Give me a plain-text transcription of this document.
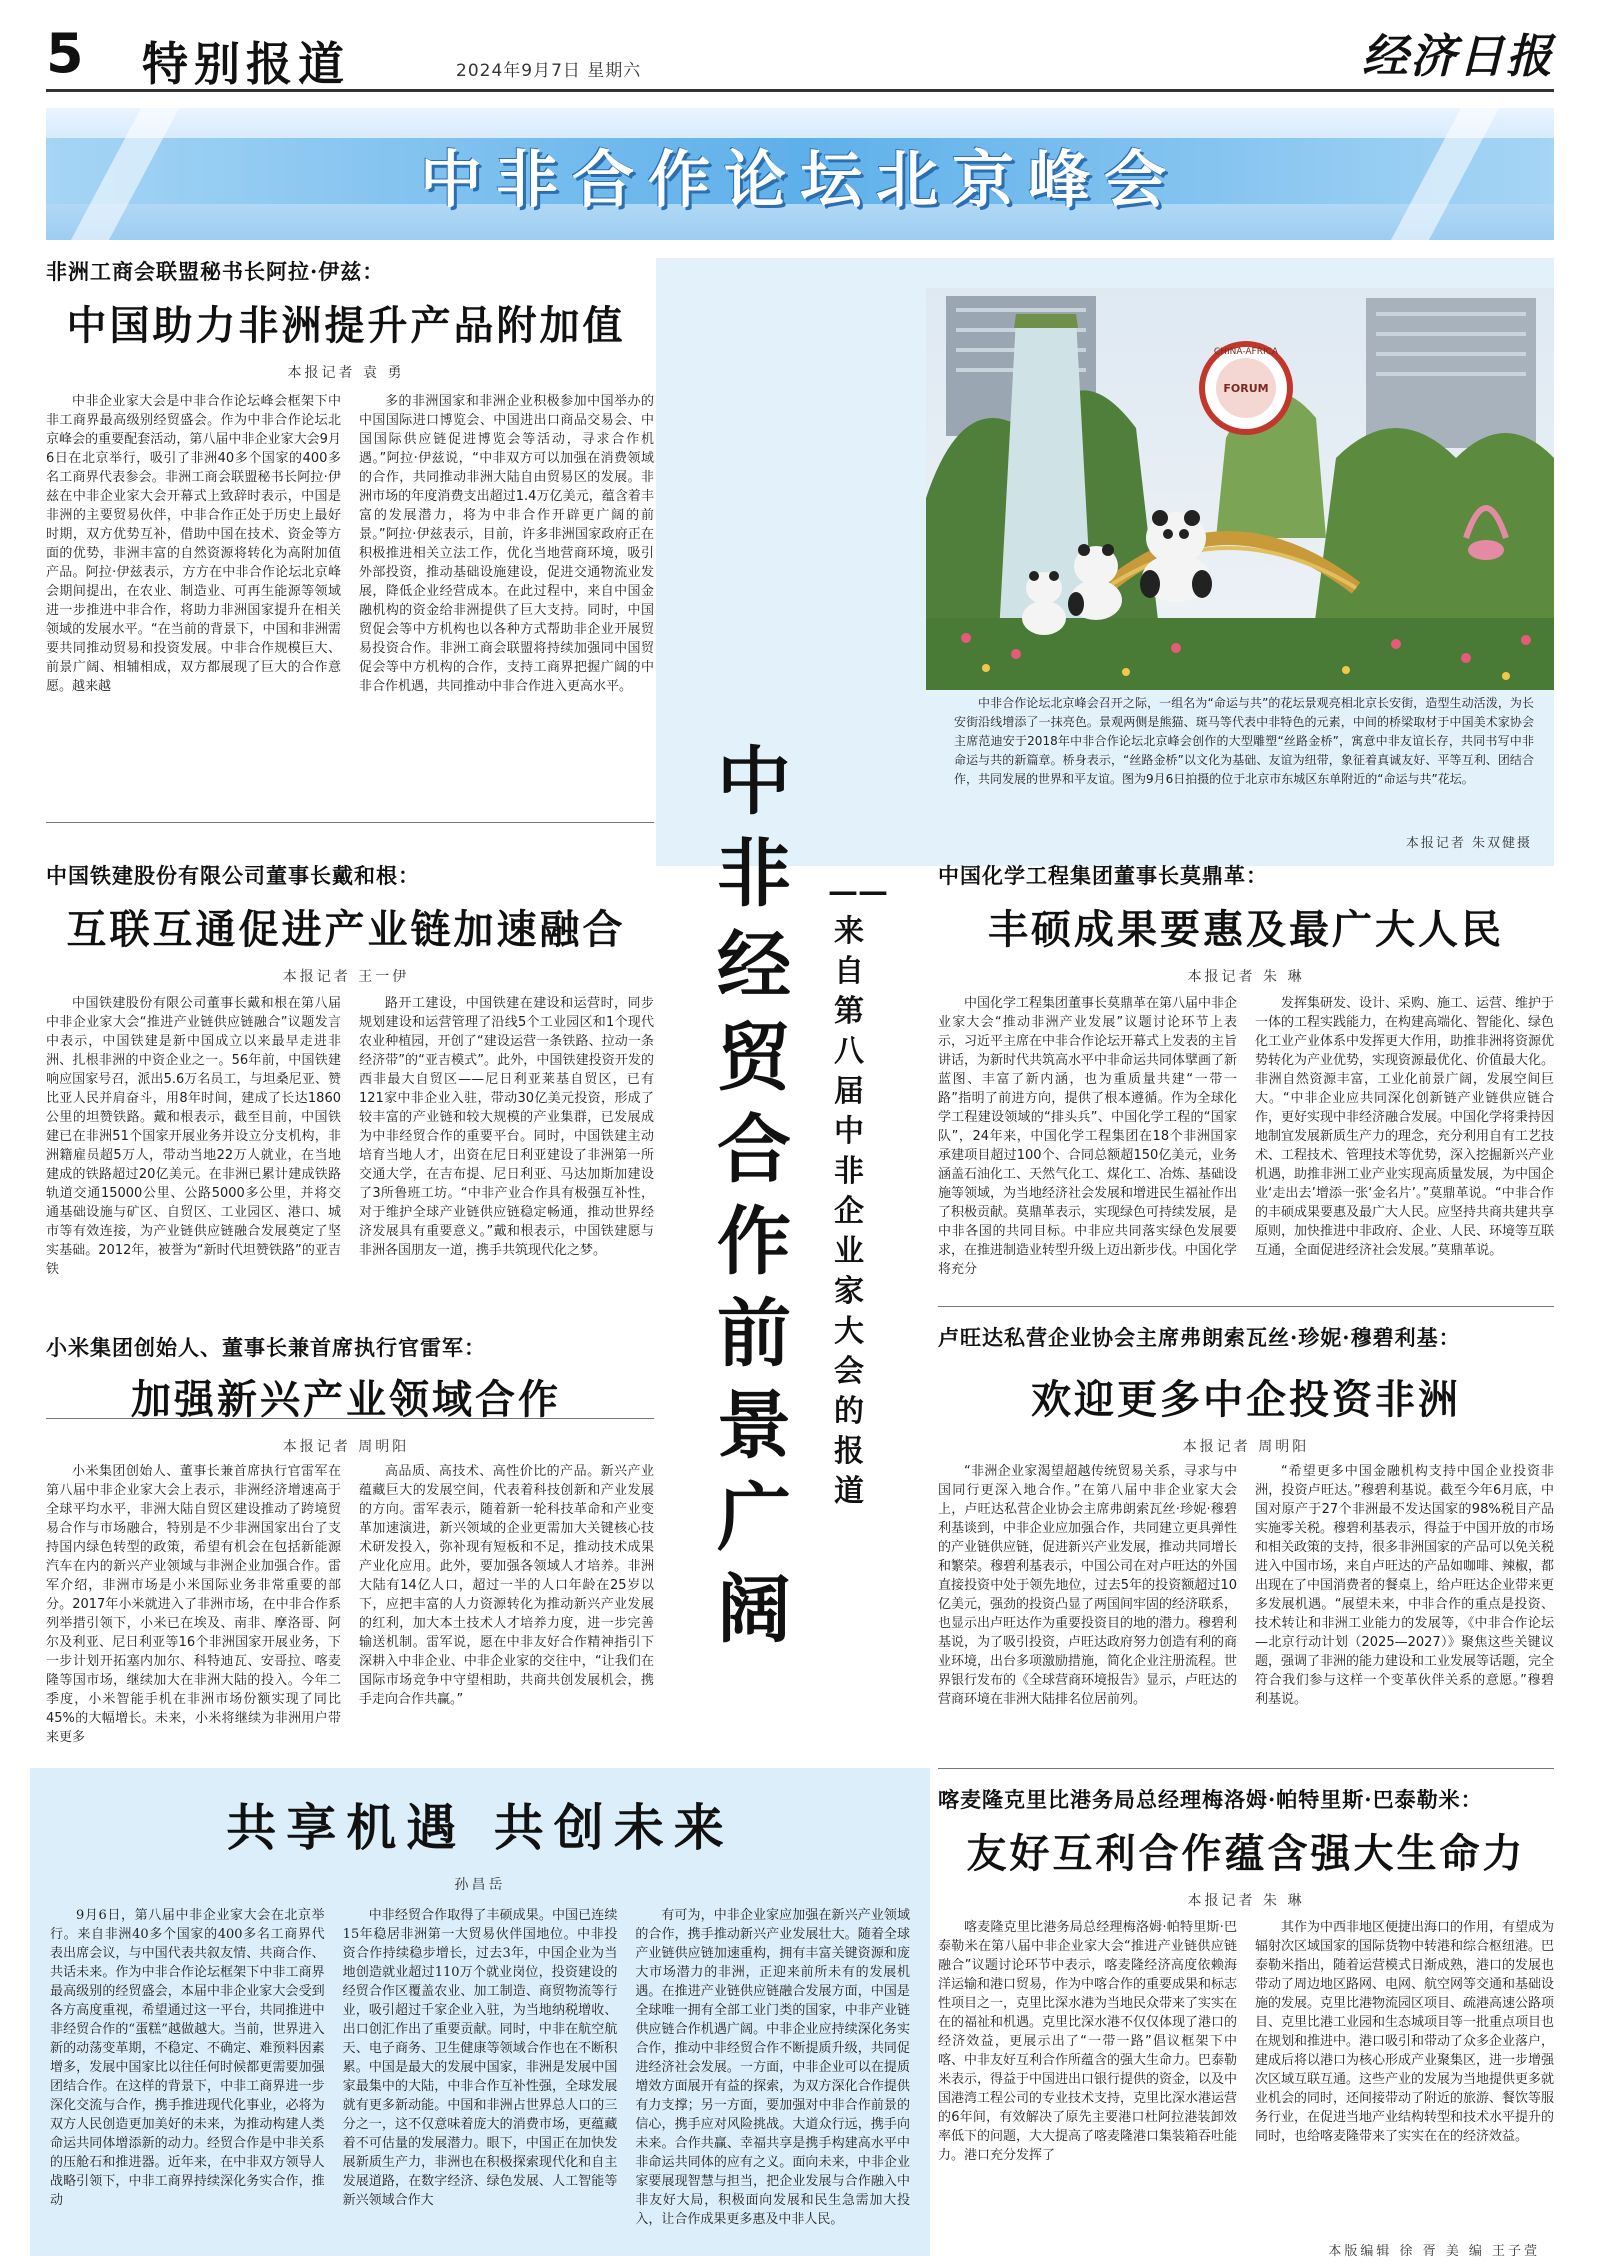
5 特别报道	2024年9月7日 星期六	经济日报
中非合作论坛北京峰会
CHINA-AFRICA
FORUM
中非合作论坛北京峰会召开之际，一组名为“命运与共”的花坛景观亮相北京长安街，造型生动活泼，为长安街沿线增添了一抹亮色。景观两侧是熊猫、斑马等代表中非特色的元素，中间的桥梁取材于中国美术家协会主席范迪安于2018年中非合作论坛北京峰会创作的大型雕塑“丝路金桥”，寓意中非友谊长存，共同书写中非命运与共的新篇章。桥身表示，“丝路金桥”以文化为基础、友谊为纽带，象征着真诚友好、平等互利、团结合作，共同发展的世界和平友谊。图为9月6日拍摄的位于北京市东城区东单附近的“命运与共”花坛。
本报记者 朱双健摄
中非经贸合作前景广阔
——来自第八届中非企业家大会的报道
非洲工商会联盟秘书长阿拉·伊兹：
中国助力非洲提升产品附加值
本报记者 袁 勇

中非企业家大会是中非合作论坛峰会框架下中非工商界最高级别经贸盛会。作为中非合作论坛北京峰会的重要配套活动，第八届中非企业家大会9月6日在北京举行，吸引了非洲40多个国家的400多名工商界代表参会。非洲工商会联盟秘书长阿拉·伊兹在中非企业家大会开幕式上致辞时表示，中国是非洲的主要贸易伙伴，中非合作正处于历史上最好时期，双方优势互补，借助中国在技术、资金等方面的优势，非洲丰富的自然资源将转化为高附加值产品。阿拉·伊兹表示，方方在中非合作论坛北京峰会期间提出，在农业、制造业、可再生能源等领域进一步推进中非合作，将助力非洲国家提升在相关领域的发展水平。“在当前的背景下，中国和非洲需要共同推动贸易和投资发展。中非合作规模巨大、前景广阔、相辅相成，双方都展现了巨大的合作意愿。越来越

多的非洲国家和非洲企业积极参加中国举办的中国国际进口博览会、中国进出口商品交易会、中国国际供应链促进博览会等活动，寻求合作机遇。”阿拉·伊兹说，“中非双方可以加强在消费领域的合作，共同推动非洲大陆自由贸易区的发展。非洲市场的年度消费支出超过1.4万亿美元，蕴含着丰富的发展潜力，将为中非合作开辟更广阔的前景。”阿拉·伊兹表示，目前，许多非洲国家政府正在积极推进相关立法工作，优化当地营商环境，吸引外部投资，推动基础设施建设，促进交通物流业发展，降低企业经营成本。在此过程中，来自中国金融机构的资金给非洲提供了巨大支持。同时，中国贸促会等中方机构也以各种方式帮助非企业开展贸易投资合作。非洲工商会联盟将持续加强同中国贸促会等中方机构的合作，支持工商界把握广阔的中非合作机遇，共同推动中非合作进入更高水平。

中国铁建股份有限公司董事长戴和根：
互联互通促进产业链加速融合
本报记者 王一伊

中国铁建股份有限公司董事长戴和根在第八届中非企业家大会“推进产业链供应链融合”议题发言中表示，中国铁建是新中国成立以来最早走进非洲、扎根非洲的中资企业之一。56年前，中国铁建响应国家号召，派出5.6万名员工，与坦桑尼亚、赞比亚人民并肩奋斗，用8年时间，建成了长达1860公里的坦赞铁路。戴和根表示，截至目前，中国铁建已在非洲51个国家开展业务并设立分支机构，非洲籍雇员超5万人，带动当地22万人就业，在当地建成的铁路超过20亿美元。在非洲已累计建成铁路轨道交通15000公里、公路5000多公里，并将交通基础设施与矿区、自贸区、工业园区、港口、城市等有效连接，为产业链供应链融合发展奠定了坚实基础。2012年，被誉为“新时代坦赞铁路”的亚吉铁

路开工建设，中国铁建在建设和运营时，同步规划建设和运营管理了沿线5个工业园区和1个现代农业种植园，开创了“建设运营一条铁路、拉动一条经济带”的“亚吉模式”。此外，中国铁建投资开发的西非最大自贸区——尼日利亚莱基自贸区，已有121家中非企业入驻，带动30亿美元投资，形成了较丰富的产业链和较大规模的产业集群，已发展成为中非经贸合作的重要平台。同时，中国铁建主动培育当地人才，出资在尼日利亚建设了非洲第一所交通大学，在吉布提、尼日利亚、马达加斯加建设了3所鲁班工坊。“中非产业合作具有极强互补性，对于维护全球产业链供应链稳定畅通，推动世界经济发展具有重要意义。”戴和根表示，中国铁建愿与非洲各国朋友一道，携手共筑现代化之梦。

小米集团创始人、董事长兼首席执行官雷军：
加强新兴产业领域合作
本报记者 周明阳

小米集团创始人、董事长兼首席执行官雷军在第八届中非企业家大会上表示，非洲经济增速高于全球平均水平，非洲大陆自贸区建设推动了跨境贸易合作与市场融合，特别是不少非洲国家出台了支持国内绿色转型的政策，希望有机会在包括新能源汽车在内的新兴产业领域与非洲企业加强合作。雷军介绍，非洲市场是小米国际业务非常重要的部分。2017年小米就进入了非洲市场，在中非合作系列举措引领下，小米已在埃及、南非、摩洛哥、阿尔及利亚、尼日利亚等16个非洲国家开展业务，下一步计划开拓塞内加尔、科特迪瓦、安哥拉、喀麦隆等国市场，继续加大在非洲大陆的投入。今年二季度，小米智能手机在非洲市场份额实现了同比45%的大幅增长。未来，小米将继续为非洲用户带来更多

高品质、高技术、高性价比的产品。新兴产业蕴藏巨大的发展空间，代表着科技创新和产业发展的方向。雷军表示，随着新一轮科技革命和产业变革加速演进，新兴领域的企业更需加大关键核心技术研发投入，弥补现有短板和不足，推动技术成果产业化应用。此外，要加强各领域人才培养。非洲大陆有14亿人口，超过一半的人口年龄在25岁以下，应把丰富的人力资源转化为推动新兴产业发展的红利，加大本土技术人才培养力度，进一步完善输送机制。雷军说，愿在中非友好合作精神指引下深耕入中非企业、中非企业家的交往中，“让我们在国际市场竞争中守望相助，共商共创发展机会，携手走向合作共赢。”

中国化学工程集团董事长莫鼎革：
丰硕成果要惠及最广大人民
本报记者 朱 琳

中国化学工程集团董事长莫鼎革在第八届中非企业家大会“推动非洲产业发展”议题讨论环节上表示，习近平主席在中非合作论坛开幕式上发表的主旨讲话，为新时代共筑高水平中非命运共同体擘画了新蓝图、丰富了新内涵，也为重质量共建“一带一路”指明了前进方向，提供了根本遵循。作为全球化学工程建设领域的“排头兵”、中国化学工程的“国家队”，24年来，中国化学工程集团在18个非洲国家承建项目超过100个、合同总额超150亿美元，业务涵盖石油化工、天然气化工、煤化工、冶炼、基础设施等领域，为当地经济社会发展和增进民生福祉作出了积极贡献。莫鼎革表示，实现绿色可持续发展，是中非各国的共同目标。中非应共同落实绿色发展要求，在推进制造业转型升级上迈出新步伐。中国化学将充分

发挥集研发、设计、采购、施工、运营、维护于一体的工程实践能力，在构建高端化、智能化、绿色化工业产业体系中发挥更大作用，助推非洲将资源优势转化为产业优势，实现资源最优化、价值最大化。非洲自然资源丰富，工业化前景广阔，发展空间巨大。“中非企业应共同深化创新链产业链供应链合作，更好实现中非经济融合发展。中国化学将秉持因地制宜发展新质生产力的理念，充分利用自有工艺技术、工程技术、管理技术等优势，深入挖掘新兴产业机遇，助推非洲工业产业实现高质量发展，为中国企业‘走出去’增添一张‘金名片’。”莫鼎革说。“中非合作的丰硕成果要惠及最广大人民。应坚持共商共建共享原则，加快推进中非政府、企业、人民、环境等互联互通，全面促进经济社会发展。”莫鼎革说。

卢旺达私营企业协会主席弗朗索瓦丝·珍妮·穆碧利基：
欢迎更多中企投资非洲
本报记者 周明阳

“非洲企业家渴望超越传统贸易关系，寻求与中国同行更深入地合作。”在第八届中非企业家大会上，卢旺达私营企业协会主席弗朗索瓦丝·珍妮·穆碧利基谈到，中非企业应加强合作，共同建立更具弹性的产业链供应链，促进新兴产业发展，推动共同增长和繁荣。穆碧利基表示，中国公司在对卢旺达的外国直接投资中处于领先地位，过去5年的投资额超过10亿美元，强劲的投资凸显了两国间牢固的经济联系，也显示出卢旺达作为重要投资目的地的潜力。穆碧利基说，为了吸引投资，卢旺达政府努力创造有利的商业环境，出台多项激励措施，简化企业注册流程。世界银行发布的《全球营商环境报告》显示，卢旺达的营商环境在非洲大陆排名位居前列。

“希望更多中国金融机构支持中国企业投资非洲，投资卢旺达。”穆碧利基说。截至今年6月底，中国对原产于27个非洲最不发达国家的98%税目产品实施零关税。穆碧利基表示，得益于中国开放的市场和相关政策的支持，很多非洲国家的产品可以免关税进入中国市场，来自卢旺达的产品如咖啡、辣椒，都出现在了中国消费者的餐桌上，给卢旺达企业带来更多发展机遇。“展望未来，中非合作的重点是投资、技术转让和非洲工业能力的发展等，《中非合作论坛—北京行动计划（2025—2027）》聚焦这些关键议题，强调了非洲的能力建设和工业发展等话题，完全符合我们参与这样一个变革伙伴关系的意愿。”穆碧利基说。

喀麦隆克里比港务局总经理梅洛姆·帕特里斯·巴泰勒米：
友好互利合作蕴含强大生命力
本报记者 朱 琳

喀麦隆克里比港务局总经理梅洛姆·帕特里斯·巴泰勒米在第八届中非企业家大会“推进产业链供应链融合”议题讨论环节中表示，喀麦隆经济高度依赖海洋运输和港口贸易，作为中喀合作的重要成果和标志性项目之一，克里比深水港为当地民众带来了实实在在的福祉和机遇。克里比深水港不仅仅体现了港口的经济效益，更展示出了“一带一路”倡议框架下中喀、中非友好互利合作所蕴含的强大生命力。巴泰勒米表示，得益于中国进出口银行提供的资金，以及中国港湾工程公司的专业技术支持，克里比深水港运营的6年间，有效解决了原先主要港口杜阿拉港装卸效率低下的问题，大大提高了喀麦隆港口集装箱吞吐能力。港口充分发挥了

其作为中西非地区便捷出海口的作用，有望成为辐射次区域国家的国际货物中转港和综合枢纽港。巴泰勒米指出，随着运营模式日渐成熟，港口的发展也带动了周边地区路网、电网、航空网等交通和基础设施的发展。克里比港物流园区项目、疏港高速公路项目、克里比港工业园和生态城项目等一批重点项目也在规划和推进中。港口吸引和带动了众多企业落户，建成后将以港口为核心形成产业聚集区，进一步增强次区域互联互通。这些产业的发展为当地提供更多就业机会的同时，还间接带动了附近的旅游、餐饮等服务行业，在促进当地产业结构转型和技术水平提升的同时，也给喀麦隆带来了实实在在的经济效益。

共享机遇 共创未来
孙昌岳

9月6日，第八届中非企业家大会在北京举行。来自非洲40多个国家的400多名工商界代表出席会议，与中国代表共叙友情、共商合作、共话未来。作为中非合作论坛框架下中非工商界最高级别的经贸盛会，本届中非企业家大会受到各方高度重视，希望通过这一平台，共同推进中非经贸合作的“蛋糕”越做越大。当前，世界进入新的动荡变革期，不稳定、不确定、难预料因素增多，发展中国家比以往任何时候都更需要加强团结合作。在这样的背景下，中非工商界进一步深化交流与合作，携手推进现代化事业，必将为双方人民创造更加美好的未来，为推动构建人类命运共同体增添新的动力。经贸合作是中非关系的压舱石和推进器。近年来，在中非双方领导人战略引领下，中非工商界持续深化务实合作，推动

中非经贸合作取得了丰硕成果。中国已连续15年稳居非洲第一大贸易伙伴国地位。中非投资合作持续稳步增长，过去3年，中国企业为当地创造就业超过110万个就业岗位，投资建设的经贸合作区覆盖农业、加工制造、商贸物流等行业，吸引超过千家企业入驻，为当地纳税增收、出口创汇作出了重要贡献。同时，中非在航空航天、电子商务、卫生健康等领域合作也在不断积累。中国是最大的发展中国家，非洲是发展中国家最集中的大陆，中非合作互补性强，全球发展就有更多新动能。中国和非洲占世界总人口的三分之一，这不仅意味着庞大的消费市场，更蕴藏着不可估量的发展潜力。眼下，中国正在加快发展新质生产力，非洲也在积极探索现代化和自主发展道路，在数字经济、绿色发展、人工智能等新兴领域合作大

有可为，中非企业家应加强在新兴产业领域的合作，携手推动新兴产业发展壮大。随着全球产业链供应链加速重构，拥有丰富关键资源和庞大市场潜力的非洲，正迎来前所未有的发展机遇。在推进产业链供应链融合发展方面，中国是全球唯一拥有全部工业门类的国家，中非产业链供应链合作机遇广阔。中非企业应持续深化务实合作，推动中非经贸合作不断提质升级，共同促进经济社会发展。一方面，中非企业可以在提质增效方面展开有益的探索，为双方深化合作提供有力支撑；另一方面，要加强对中非合作前景的信心，携手应对风险挑战。大道众行远，携手向未来。合作共赢、幸福共享是携手构建高水平中非命运共同体的应有之义。面向未来，中非企业家要展现智慧与担当，把企业发展与合作融入中非友好大局，积极面向发展和民生急需加大投入，让合作成果更多惠及中非人民。

本版编辑 徐 胥 美 编 王子萱
